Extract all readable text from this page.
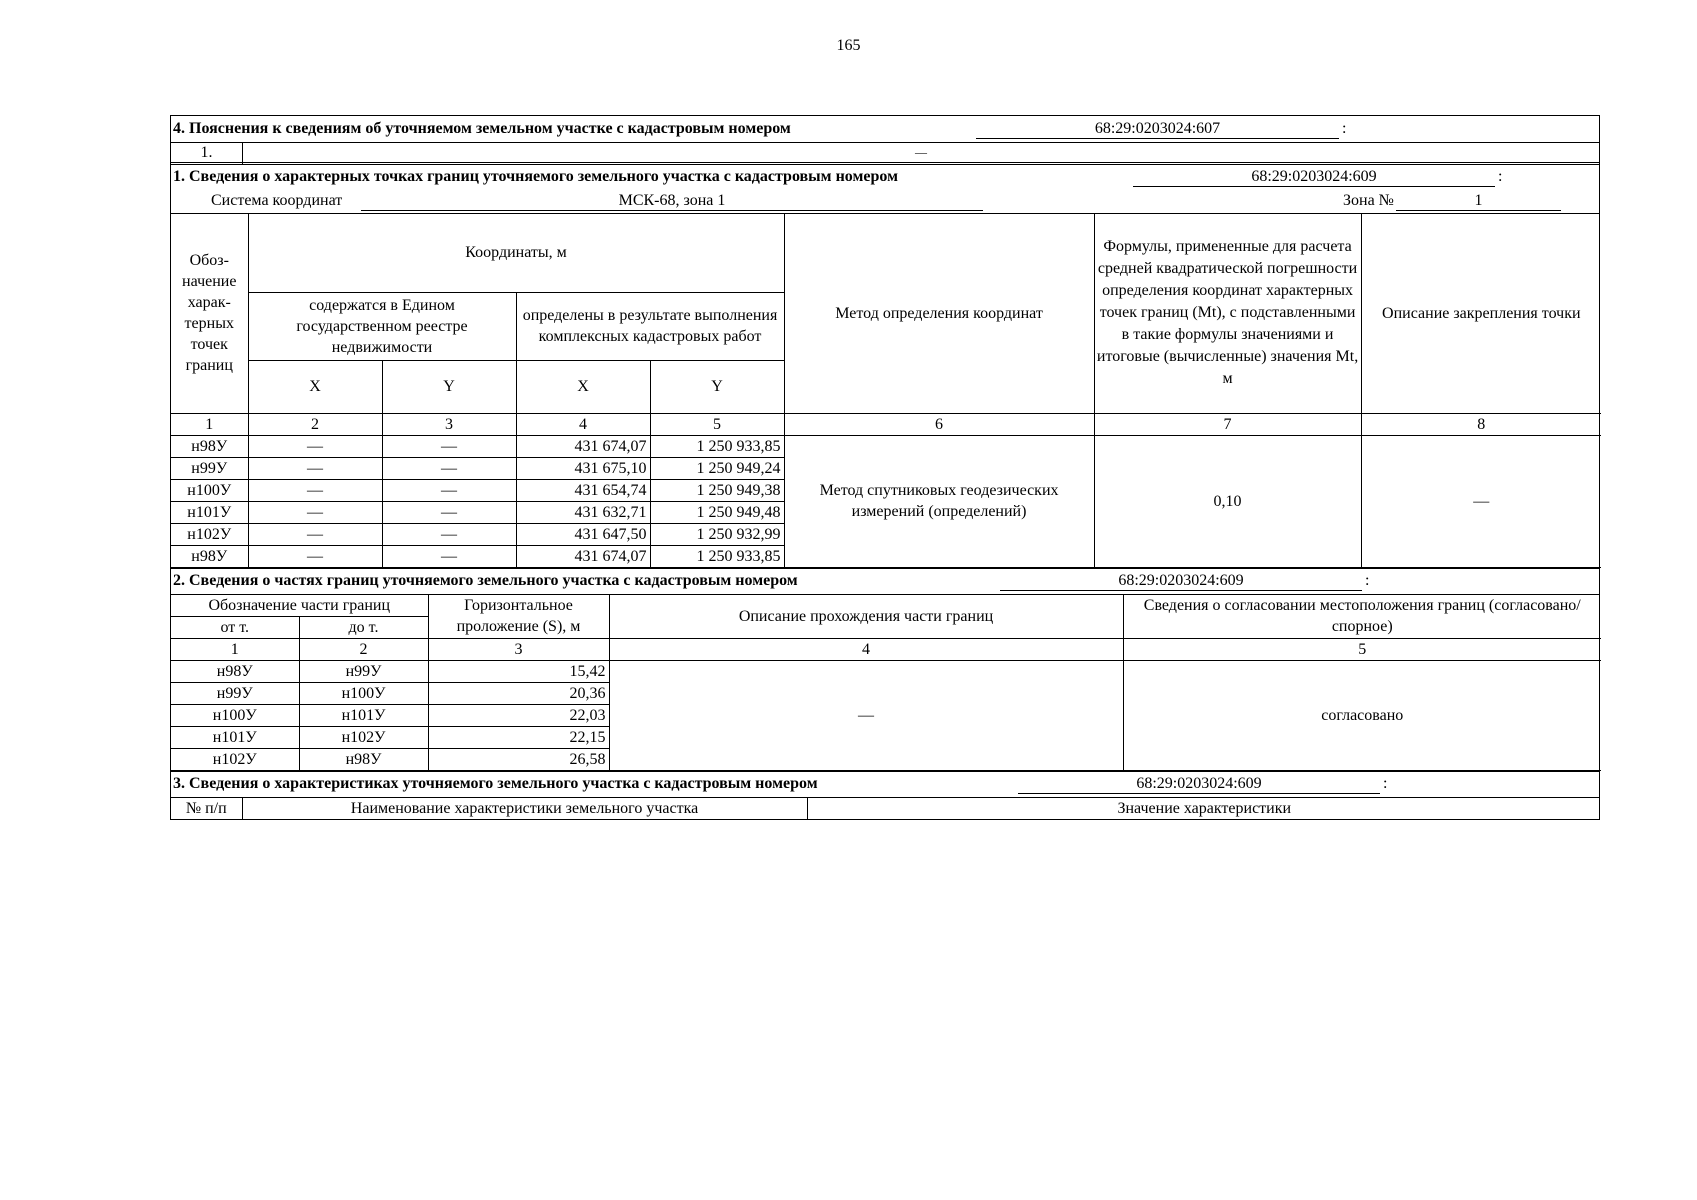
165
4. Пояснения к сведениям об уточняемом земельном участке с кадастровым номером	68:29:0203024:607	:
1.	—
1. Сведения о характерных точках границ уточняемого земельного участка с кадастровым номером	68:29:0203024:609	:
Система координат	МСК-68, зона 1	Зона №	1
Обоз-начение харак-терных точек границ	Координаты, м				Метод определения координат	Формулы, примененные для расчета средней квадратической погрешности определения координат характерных точек границ (Mt), с подставленными в такие формулы значениями и итоговые (вычисленные) значения Mt, м	Описание закрепления точки
	содержатся в Едином государственном реестре недвижимости		определены в результате выполнения комплексных кадастровых работ				
	X	Y	X	Y			
1	2	3	4	5	6	7	8
н98У	—	—	431 674,07	1 250 933,85	Метод спутниковых геодезических измерений (определений)	0,10	—
н99У	—	—	431 675,10	1 250 949,24			
н100У	—	—	431 654,74	1 250 949,38			
н101У	—	—	431 632,71	1 250 949,48			
н102У	—	—	431 647,50	1 250 932,99			
н98У	—	—	431 674,07	1 250 933,85			
2. Сведения о частях границ уточняемого земельного участка с кадастровым номером	68:29:0203024:609	:
Обозначение части границ		Горизонтальное проложение (S), м	Описание прохождения части границ	Сведения о согласовании местоположения границ (согласовано/спорное)
от т.	до т.			
1	2	3	4	5
н98У	н99У	15,42	—	согласовано
н99У	н100У	20,36		
н100У	н101У	22,03		
н101У	н102У	22,15		
н102У	н98У	26,58		
3. Сведения о характеристиках уточняемого земельного участка с кадастровым номером	68:29:0203024:609	:
№ п/п	Наименование характеристики земельного участка	Значение характеристики
